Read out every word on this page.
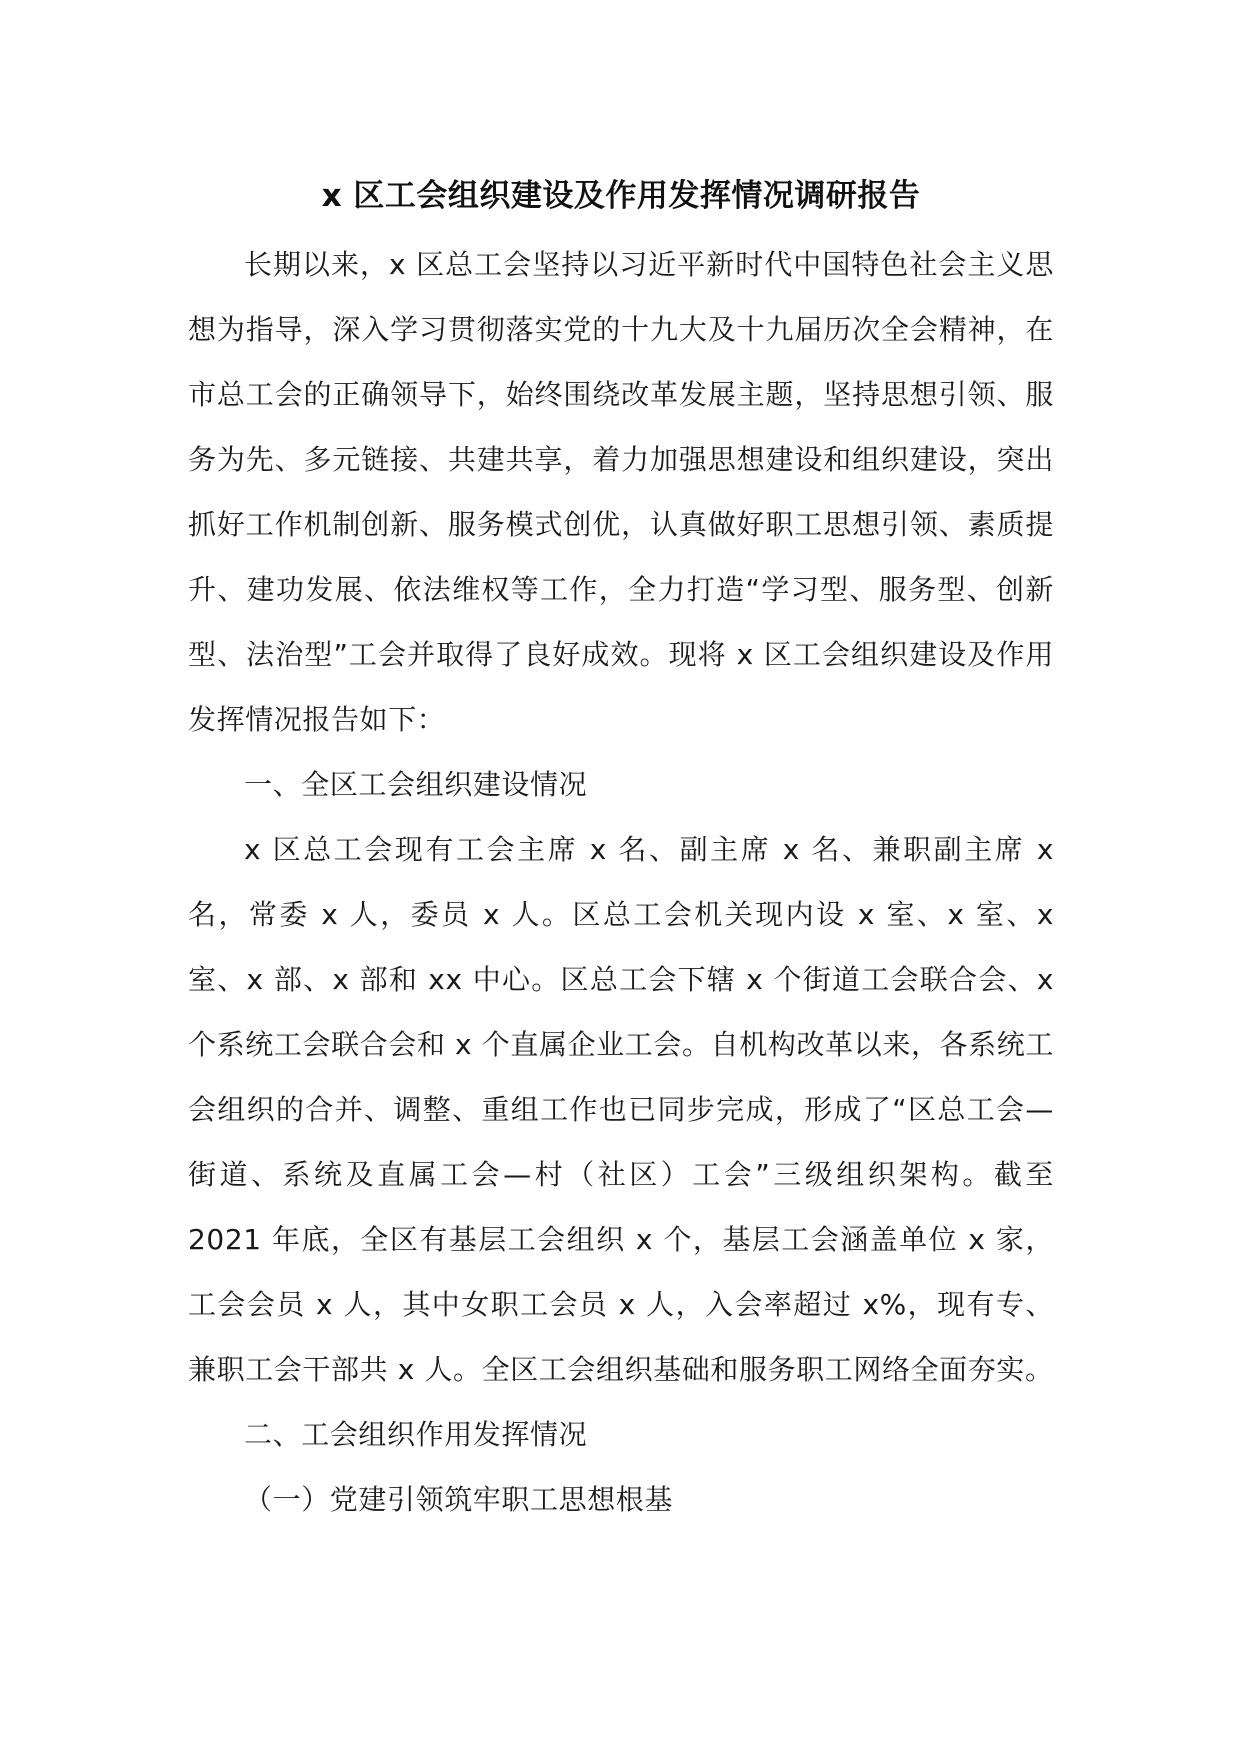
x 区工会组织建设及作用发挥情况调研报告

长期以来，x 区总工会坚持以习近平新时代中国特色社会主义思想为指导，深入学习贯彻落实党的十九大及十九届历次全会精神，在市总工会的正确领导下，始终围绕改革发展主题，坚持思想引领、服务为先、多元链接、共建共享，着力加强思想建设和组织建设，突出抓好工作机制创新、服务模式创优，认真做好职工思想引领、素质提升、建功发展、依法维权等工作，全力打造“学习型、服务型、创新型、法治型”工会并取得了良好成效。现将 x 区工会组织建设及作用发挥情况报告如下：

一、全区工会组织建设情况

x 区总工会现有工会主席 x 名、副主席 x 名、兼职副主席 x 名，常委 x 人，委员 x 人。区总工会机关现内设 x 室、x 室、x 室、x 部、x 部和 xx 中心。区总工会下辖 x 个街道工会联合会、x 个系统工会联合会和 x 个直属企业工会。自机构改革以来，各系统工会组织的合并、调整、重组工作也已同步完成，形成了“区总工会—街道、系统及直属工会—村（社区）工会”三级组织架构。截至 2021 年底，全区有基层工会组织 x 个，基层工会涵盖单位 x 家，工会会员 x 人，其中女职工会员 x 人，入会率超过 x%，现有专、兼职工会干部共 x 人。全区工会组织基础和服务职工网络全面夯实。

二、工会组织作用发挥情况

（一）党建引领筑牢职工思想根基
